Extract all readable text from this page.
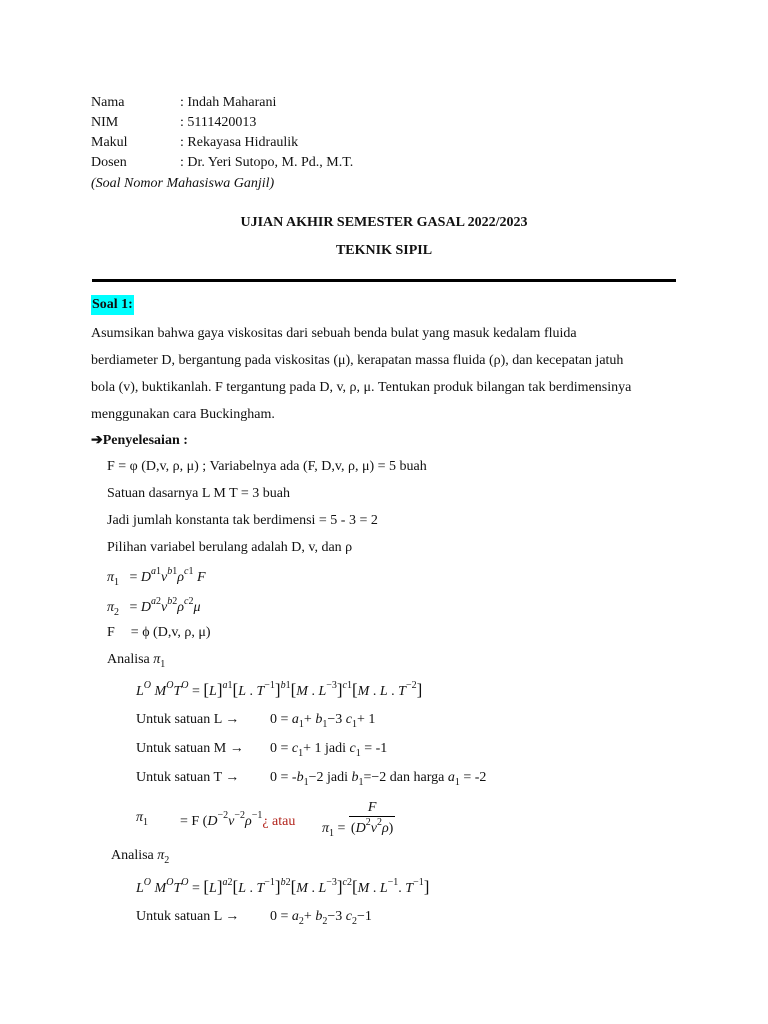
Nama	: Indah Maharani
NIM	: 5111420013
Makul	: Rekayasa Hidraulik
Dosen	: Dr. Yeri Sutopo, M. Pd., M.T.
(Soal Nomor Mahasiswa Ganjil)
UJIAN AKHIR SEMESTER GASAL 2022/2023
TEKNIK SIPIL
Soal 1:

Asumsikan bahwa gaya viskositas dari sebuah benda bulat yang masuk kedalam fluida

berdiameter D, bergantung pada viskositas (μ), kerapatan massa fluida (ρ), dan kecepatan jatuh

bola (v), buktikanlah. F tergantung pada D, v, ρ, μ. Tentukan produk bilangan tak berdimensinya

menggunakan cara Buckingham.

➔Penyelesaian :
F = φ (D,v, ρ, μ) ; Variabelnya ada (F, D,v, ρ, μ) = 5 buah
Satuan dasarnya L M T = 3 buah
Jadi jumlah konstanta tak berdimensi = 5 - 3 = 2
Pilihan variabel berulang adalah D, v, dan ρ
$\pi_1 = D^{a1}v^{b1}\rho^{c1}$ F
$\pi_2 = D^{a2}v^{b2}\rho^{c2}\mu$
F = ϕ (D,v, ρ, μ)
Analisa $\pi_1$
$L^O$ $M^OT^O = [L]^{a1}[L$ . $T^{-1}]^{b1}[M$ . $L^{-3}]^{c1}[M$ . L . $T^{-2}$]
Untuk satuan $L \to 0 = a_1+ b_1-3$ $c_1+ 1$
Untuk satuan $M \to 0 = c_1+ 1$ jadi $c_1 = -1$
Untuk satuan $T \to 0 = -b_1-2$ jadi $b_1=-2$ dan harga $a_1 = -2$
$\pi_1 = F$ ($D^{-2}v^{-2}\rho^{-1}¿$ atau $\pi_1 = \frac{F}{(D^2v^2\rho)}$
Analisa $\pi_2$
$L^O$ $M^OT^O = [L]^{a2}[L$ . $T^{-1}]^{b2}[M$ . $L^{-3}]^{c2}[M$ . $L^{-1}$. $T^{-1}$]
Untuk satuan $L \to 0 = a_2+ b_2-3$ $c_2-1$
